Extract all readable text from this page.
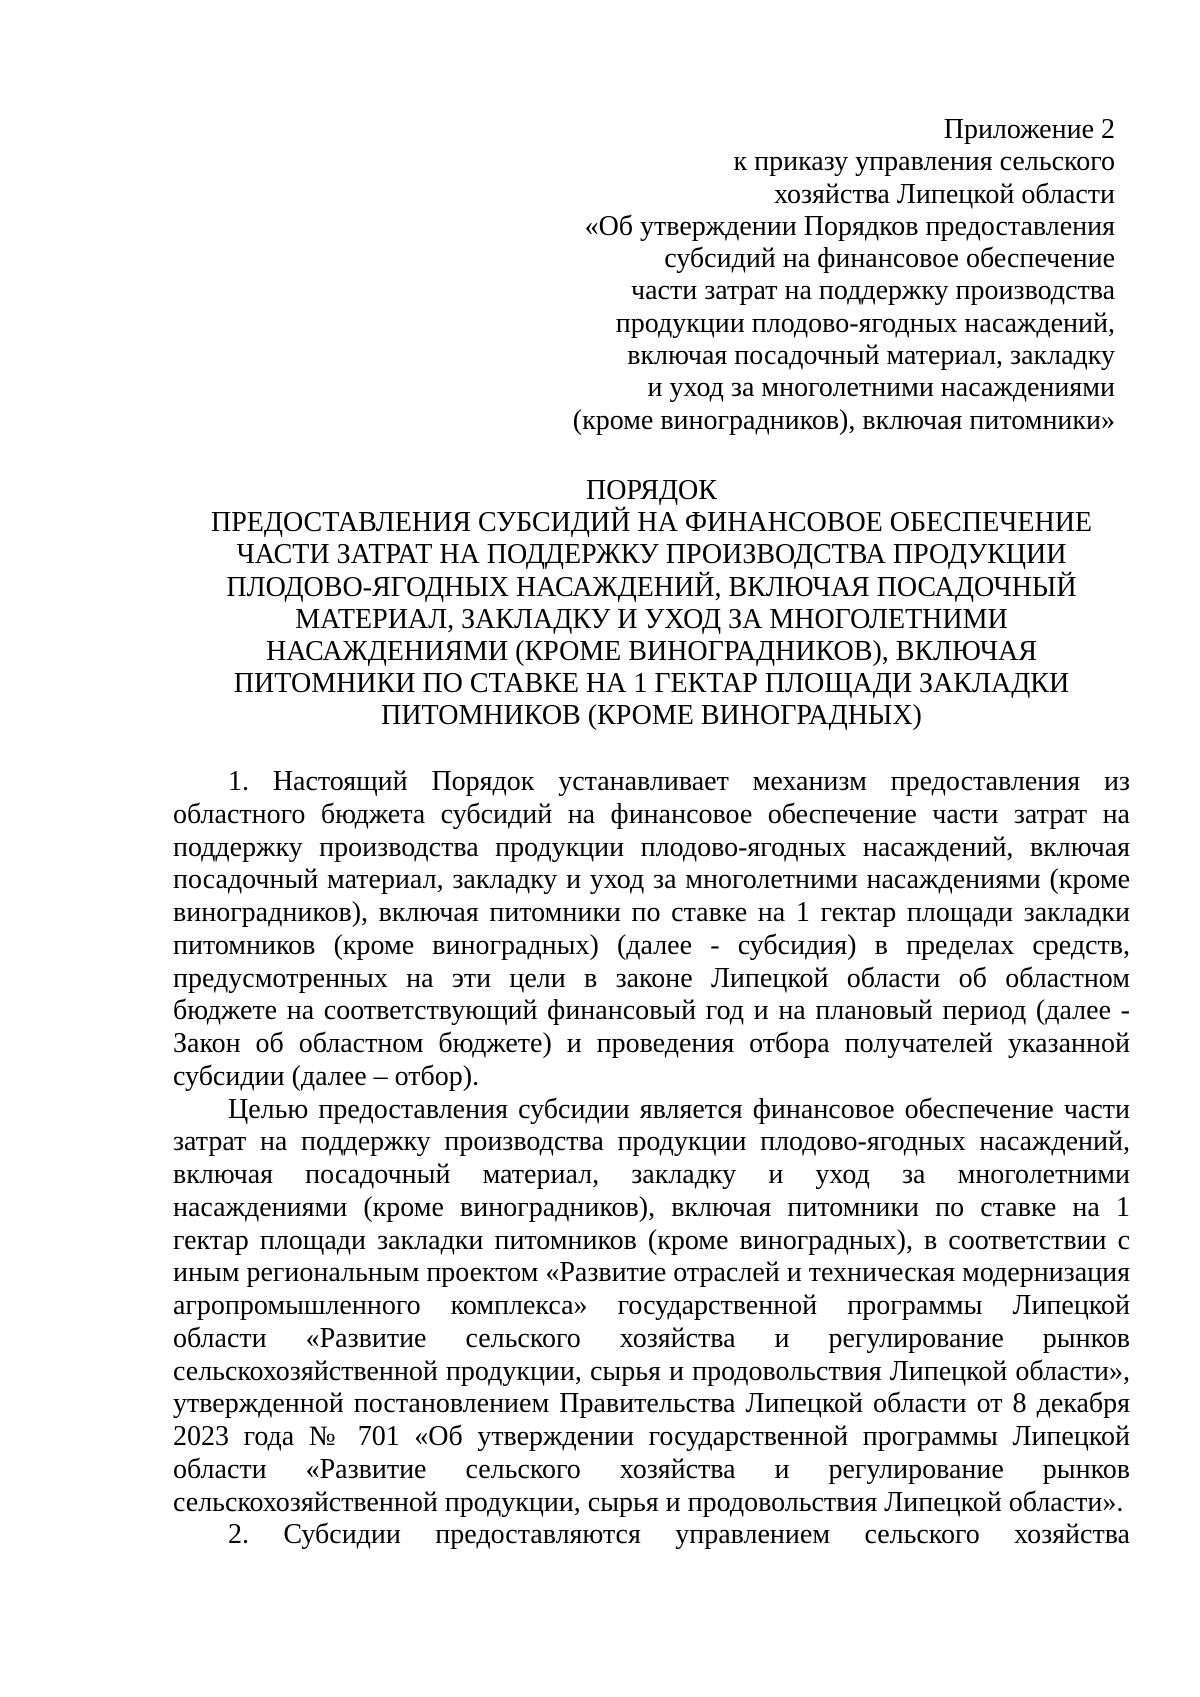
Приложение 2
к приказу управления сельского
хозяйства Липецкой области
«Об утверждении Порядков предоставления
субсидий на финансовое обеспечение
части затрат на поддержку производства
продукции плодово-ягодных насаждений,
включая посадочный материал, закладку
и уход за многолетними насаждениями
(кроме виноградников), включая питомники»
ПОРЯДОК
ПРЕДОСТАВЛЕНИЯ СУБСИДИЙ НА ФИНАНСОВОЕ ОБЕСПЕЧЕНИЕ
ЧАСТИ ЗАТРАТ НА ПОДДЕРЖКУ ПРОИЗВОДСТВА ПРОДУКЦИИ
ПЛОДОВО-ЯГОДНЫХ НАСАЖДЕНИЙ, ВКЛЮЧАЯ ПОСАДОЧНЫЙ
МАТЕРИАЛ, ЗАКЛАДКУ И УХОД ЗА МНОГОЛЕТНИМИ
НАСАЖДЕНИЯМИ (КРОМЕ ВИНОГРАДНИКОВ), ВКЛЮЧАЯ
ПИТОМНИКИ ПО СТАВКЕ НА 1 ГЕКТАР ПЛОЩАДИ ЗАКЛАДКИ
ПИТОМНИКОВ (КРОМЕ ВИНОГРАДНЫХ)

1. Настоящий Порядок устанавливает механизм предоставления из областного бюджета субсидий на финансовое обеспечение части затрат на поддержку производства продукции плодово-ягодных насаждений, включая посадочный материал, закладку и уход за многолетними насаждениями (кроме виноградников), включая питомники по ставке на 1 гектар площади закладки питомников (кроме виноградных) (далее - субсидия) в пределах средств, предусмотренных на эти цели в законе Липецкой области об областном бюджете на соответствующий финансовый год и на плановый период (далее - Закон об областном бюджете) и проведения отбора получателей указанной субсидии (далее – отбор).

Целью предоставления субсидии является финансовое обеспечение части затрат на поддержку производства продукции плодово-ягодных насаждений, включая посадочный материал, закладку и уход за многолетними насаждениями (кроме виноградников), включая питомники по ставке на 1 гектар площади закладки питомников (кроме виноградных), в соответствии с иным региональным проектом «Развитие отраслей и техническая модернизация агропромышленного комплекса» государственной программы Липецкой области «Развитие сельского хозяйства и регулирование рынков сельскохозяйственной продукции, сырья и продовольствия Липецкой области», утвержденной постановлением Правительства Липецкой области от 8 декабря 2023 года № 701 «Об утверждении государственной программы Липецкой области «Развитие сельского хозяйства и регулирование рынков сельскохозяйственной продукции, сырья и продовольствия Липецкой области».

2. Субсидии предоставляются управлением сельского хозяйства
